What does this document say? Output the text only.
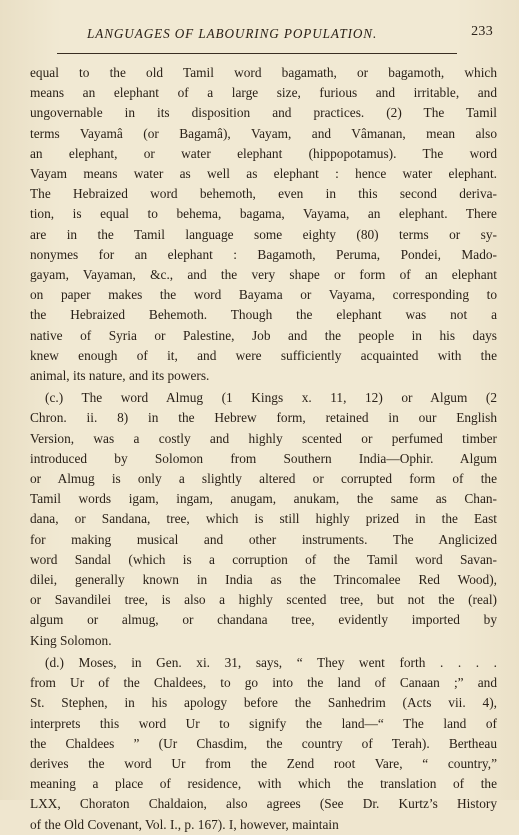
LANGUAGES OF LABOURING POPULATION.	233

equal to the old Tamil word bagamath, or bagamoth, which
means an elephant of a large size, furious and irritable, and
ungovernable in its disposition and practices. (2) The Tamil
terms Vayamâ (or Bagamâ), Vayam, and Vâmanan, mean also
an elephant, or water elephant (hippopotamus). The word
Vayam means water as well as elephant : hence water elephant.
The Hebraized word behemoth, even in this second deriva-
tion, is equal to behema, bagama, Vayama, an elephant. There
are in the Tamil language some eighty (80) terms or sy-
nonymes for an elephant : Bagamoth, Peruma, Pondei, Mado-
gayam, Vayaman, &c., and the very shape or form of an elephant
on paper makes the word Bayama or Vayama, corresponding to
the Hebraized Behemoth. Though the elephant was not a
native of Syria or Palestine, Job and the people in his days
knew enough of it, and were sufficiently acquainted with the
animal, its nature, and its powers.

(c.) The word Almug (1 Kings x. 11, 12) or Algum (2
Chron. ii. 8) in the Hebrew form, retained in our English
Version, was a costly and highly scented or perfumed timber
introduced by Solomon from Southern India—Ophir. Algum
or Almug is only a slightly altered or corrupted form of the
Tamil words igam, ingam, anugam, anukam, the same as Chan-
dana, or Sandana, tree, which is still highly prized in the East
for making musical and other instruments. The Anglicized
word Sandal (which is a corruption of the Tamil word Savan-
dilei, generally known in India as the Trincomalee Red Wood),
or Savandilei tree, is also a highly scented tree, but not the (real)
algum or almug, or chandana tree, evidently imported by
King Solomon.

(d.) Moses, in Gen. xi. 31, says, “ They went forth . . . .
from Ur of the Chaldees, to go into the land of Canaan ;” and
St. Stephen, in his apology before the Sanhedrim (Acts vii. 4),
interprets this word Ur to signify the land—“ The land of
the Chaldees ” (Ur Chasdim, the country of Terah). Bertheau
derives the word Ur from the Zend root Vare, “ country,”
meaning a place of residence, with which the translation of the
LXX, Choraton Chaldaion, also agrees (See Dr. Kurtz’s History
of the Old Covenant, Vol. I., p. 167). I, however, maintain
